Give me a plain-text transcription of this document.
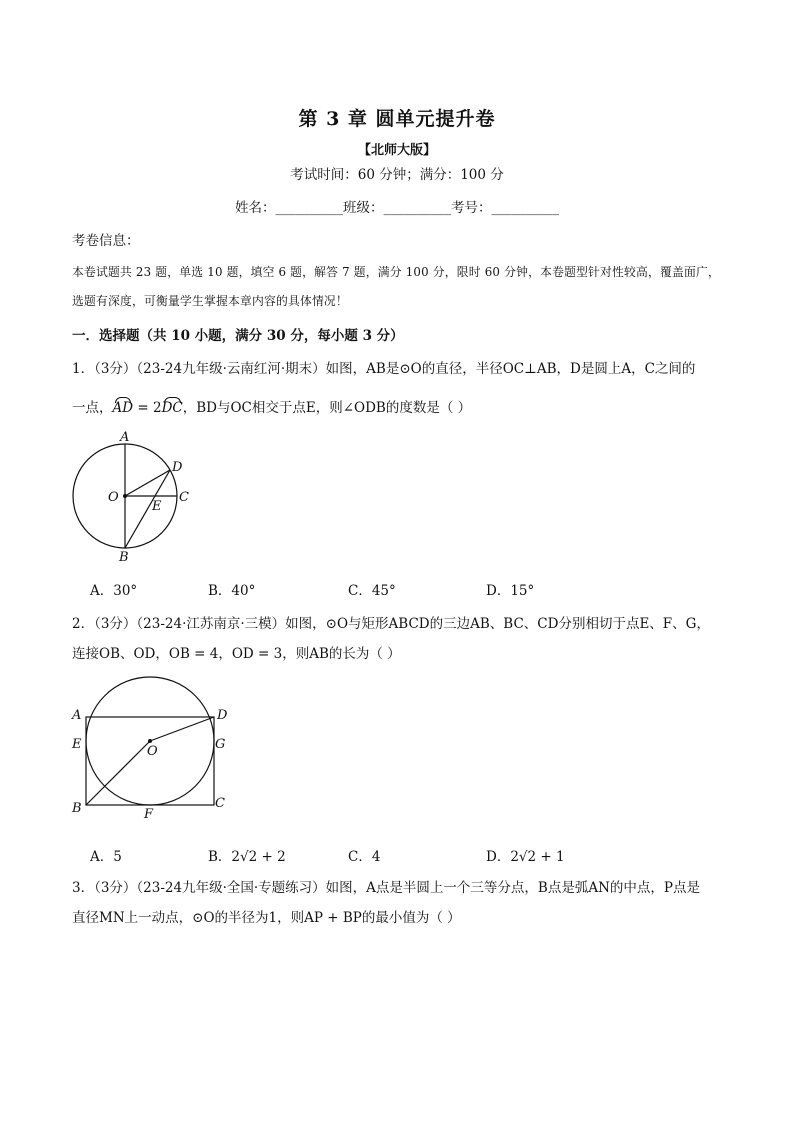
第 3 章 圆单元提升卷
【北师大版】
考试时间：60 分钟；满分：100 分
姓名：__________班级：__________考号：__________
考卷信息：
本卷试题共 23 题，单选 10 题，填空 6 题，解答 7 题，满分 100 分，限时 60 分钟，本卷题型针对性较高，覆盖面广，选题有深度，可衡量学生掌握本章内容的具体情况！
一．选择题（共 10 小题，满分 30 分，每小题 3 分）
1．（3分）（23-24九年级·云南红河·期末）如图，AB是⊙O的直径，半径OC⊥AB，D是圆上A，C之间的
一点，AD = 2DC，BD与OC相交于点E，则∠ODB的度数是（ ）
A
D
O	C
E
B
A．30°	B．40°	C．45°	D．15°
2．（3分）（23-24·江苏南京·三模）如图，⊙O与矩形ABCD的三边AB、BC、CD分别相切于点E、F、G，
连接OB、OD，OB = 4，OD = 3，则AB的长为（ ）
A	D
E	G
O
B	C
F
A．5	B．2√2 + 2	C．4	D．2√2 + 1
3．（3分）（23-24九年级·全国·专题练习）如图，A点是半圆上一个三等分点，B点是弧AN的中点，P点是
直径MN上一动点，⊙O的半径为1，则AP + BP的最小值为（ ）
